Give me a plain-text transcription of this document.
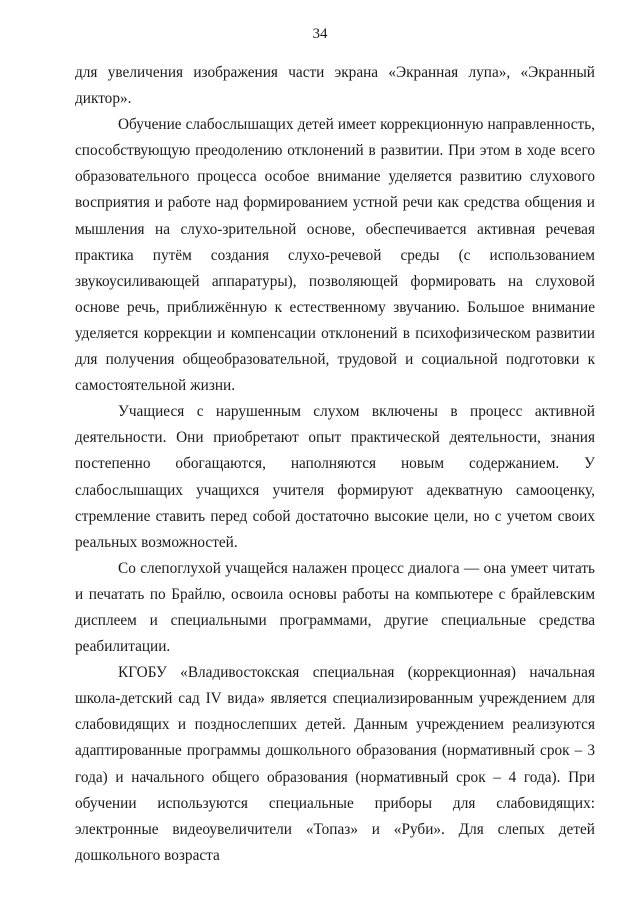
34

для увеличения изображения части экрана «Экранная лупа», «Экранный диктор».

Обучение слабослышащих детей имеет коррекционную направленность, способствующую преодолению отклонений в развитии. При этом в ходе всего образовательного процесса особое внимание уделяется развитию слухового восприятия и работе над формированием устной речи как средства общения и мышления на слухо-зрительной основе, обеспечивается активная речевая практика путём создания слухо-речевой среды (с использованием звукоусиливающей аппаратуры), позволяющей формировать на слуховой основе речь, приближённую к естественному звучанию. Большое внимание уделяется коррекции и компенсации отклонений в психофизическом развитии для получения общеобразовательной, трудовой и социальной подготовки к самостоятельной жизни.

Учащиеся с нарушенным слухом включены в процесс активной деятельности. Они приобретают опыт практической деятельности, знания постепенно обогащаются, наполняются новым содержанием. У слабослышащих учащихся учителя формируют адекватную самооценку, стремление ставить перед собой достаточно высокие цели, но с учетом своих реальных возможностей.

Со слепоглухой учащейся налажен процесс диалога — она умеет читать и печатать по Брайлю, освоила основы работы на компьютере с брайлевским дисплеем и специальными программами, другие специальные средства реабилитации.

КГОБУ «Владивостокская специальная (коррекционная) начальная школа-детский сад IV вида» является специализированным учреждением для слабовидящих и позднослепших детей. Данным учреждением реализуются адаптированные программы дошкольного образования (нормативный срок – 3 года) и начального общего образования (нормативный срок – 4 года). При обучении используются специальные приборы для слабовидящих: электронные видеоувеличители «Топаз» и «Руби». Для слепых детей дошкольного возраста
